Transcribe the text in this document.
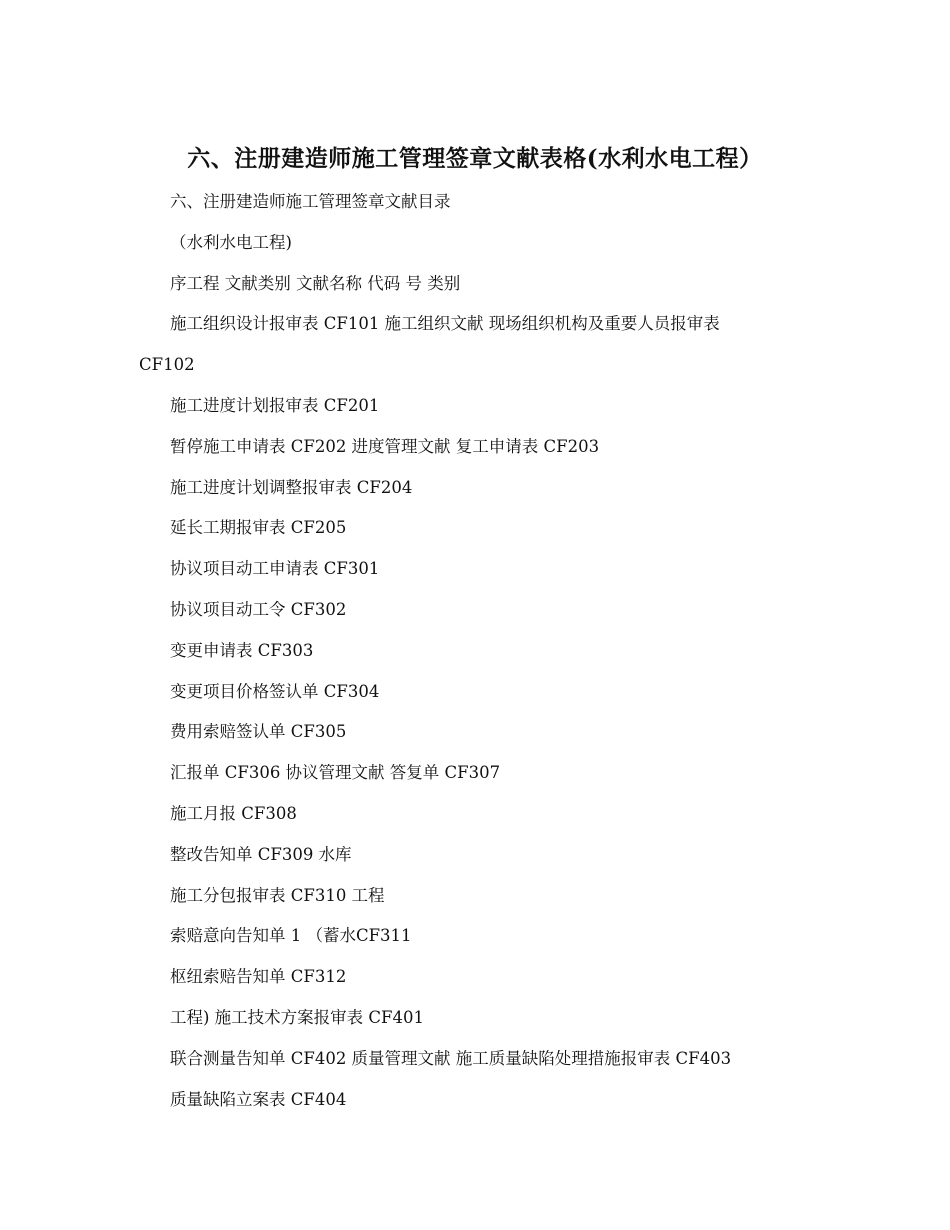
六、注册建造师施工管理签章文献表格(水利水电工程）
六、注册建造师施工管理签章文献目录
（水利水电工程)
序工程 文献类别 文献名称 代码 号 类别
施工组织设计报审表 CF101 施工组织文献 现场组织机构及重要人员报审表
CF102
施工进度计划报审表 CF201
暂停施工申请表 CF202 进度管理文献 复工申请表 CF203
施工进度计划调整报审表 CF204
延长工期报审表 CF205
协议项目动工申请表 CF301
协议项目动工令 CF302
变更申请表 CF303
变更项目价格签认单 CF304
费用索赔签认单 CF305
汇报单 CF306 协议管理文献 答复单 CF307
施工月报 CF308
整改告知单 CF309 水库
施工分包报审表 CF310 工程
索赔意向告知单 1 （蓄水CF311
枢纽索赔告知单 CF312
工程) 施工技术方案报审表 CF401
联合测量告知单 CF402 质量管理文献 施工质量缺陷处理措施报审表 CF403
质量缺陷立案表 CF404
